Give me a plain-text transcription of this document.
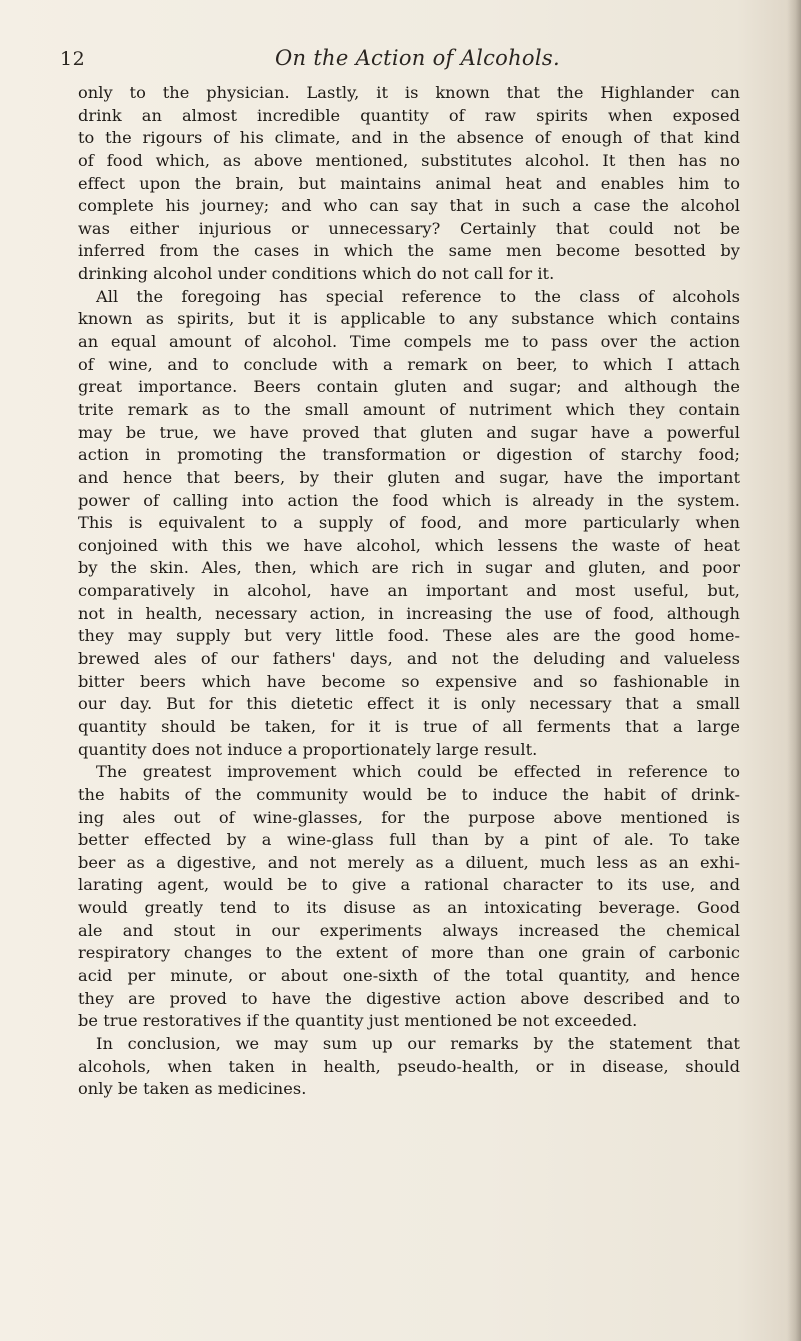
12	On the Action of Alcohols.
only to the physician. Lastly, it is known that the Highlander can
drink an almost incredible quantity of raw spirits when exposed
to the rigours of his climate, and in the absence of enough of that kind
of food which, as above mentioned, substitutes alcohol. It then has no
effect upon the brain, but maintains animal heat and enables him to
complete his journey; and who can say that in such a case the alcohol
was either injurious or unnecessary? Certainly that could not be
inferred from the cases in which the same men become besotted by
drinking alcohol under conditions which do not call for it.
All the foregoing has special reference to the class of alcohols
known as spirits, but it is applicable to any substance which contains
an equal amount of alcohol. Time compels me to pass over the action
of wine, and to conclude with a remark on beer, to which I attach
great importance. Beers contain gluten and sugar; and although the
trite remark as to the small amount of nutriment which they contain
may be true, we have proved that gluten and sugar have a powerful
action in promoting the transformation or digestion of starchy food;
and hence that beers, by their gluten and sugar, have the important
power of calling into action the food which is already in the system.
This is equivalent to a supply of food, and more particularly when
conjoined with this we have alcohol, which lessens the waste of heat
by the skin. Ales, then, which are rich in sugar and gluten, and poor
comparatively in alcohol, have an important and most useful, but,
not in health, necessary action, in increasing the use of food, although
they may supply but very little food. These ales are the good home-
brewed ales of our fathers' days, and not the deluding and valueless
bitter beers which have become so expensive and so fashionable in
our day. But for this dietetic effect it is only necessary that a small
quantity should be taken, for it is true of all ferments that a large
quantity does not induce a proportionately large result.
The greatest improvement which could be effected in reference to
the habits of the community would be to induce the habit of drink-
ing ales out of wine-glasses, for the purpose above mentioned is
better effected by a wine-glass full than by a pint of ale. To take
beer as a digestive, and not merely as a diluent, much less as an exhi-
larating agent, would be to give a rational character to its use, and
would greatly tend to its disuse as an intoxicating beverage. Good
ale and stout in our experiments always increased the chemical
respiratory changes to the extent of more than one grain of carbonic
acid per minute, or about one-sixth of the total quantity, and hence
they are proved to have the digestive action above described and to
be true restoratives if the quantity just mentioned be not exceeded.
In conclusion, we may sum up our remarks by the statement that
alcohols, when taken in health, pseudo-health, or in disease, should
only be taken as medicines.
